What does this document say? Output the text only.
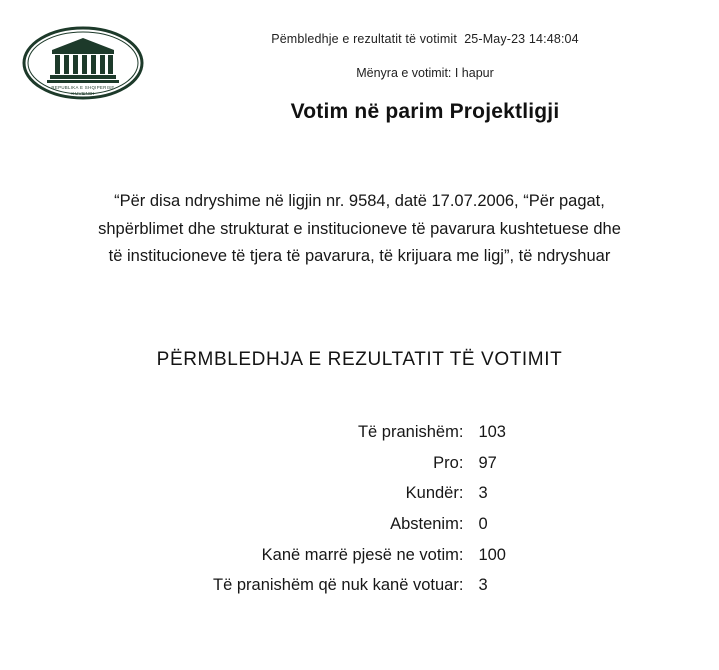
REPUBLIKA E SHQIPERISE
KUVENDI
Pëmbledhje e rezultatit të votimit  25-May-23 14:48:04
Mënyra e votimit: I hapur
Votim në parim Projektligji
“Për disa ndryshime në ligjin nr. 9584, datë 17.07.2006, “Për pagat,
shpërblimet dhe strukturat e institucioneve të pavarura kushtetuese dhe
të institucioneve të tjera të pavarura, të krijuara me ligj”, të ndryshuar
PËRMBLEDHJA E REZULTATIT TË VOTIMIT
Të pranishëm:	103
Pro:	97
Kundër:	3
Abstenim:	0
Kanë marrë pjesë ne votim:	100
Të pranishëm që nuk kanë votuar:	3
